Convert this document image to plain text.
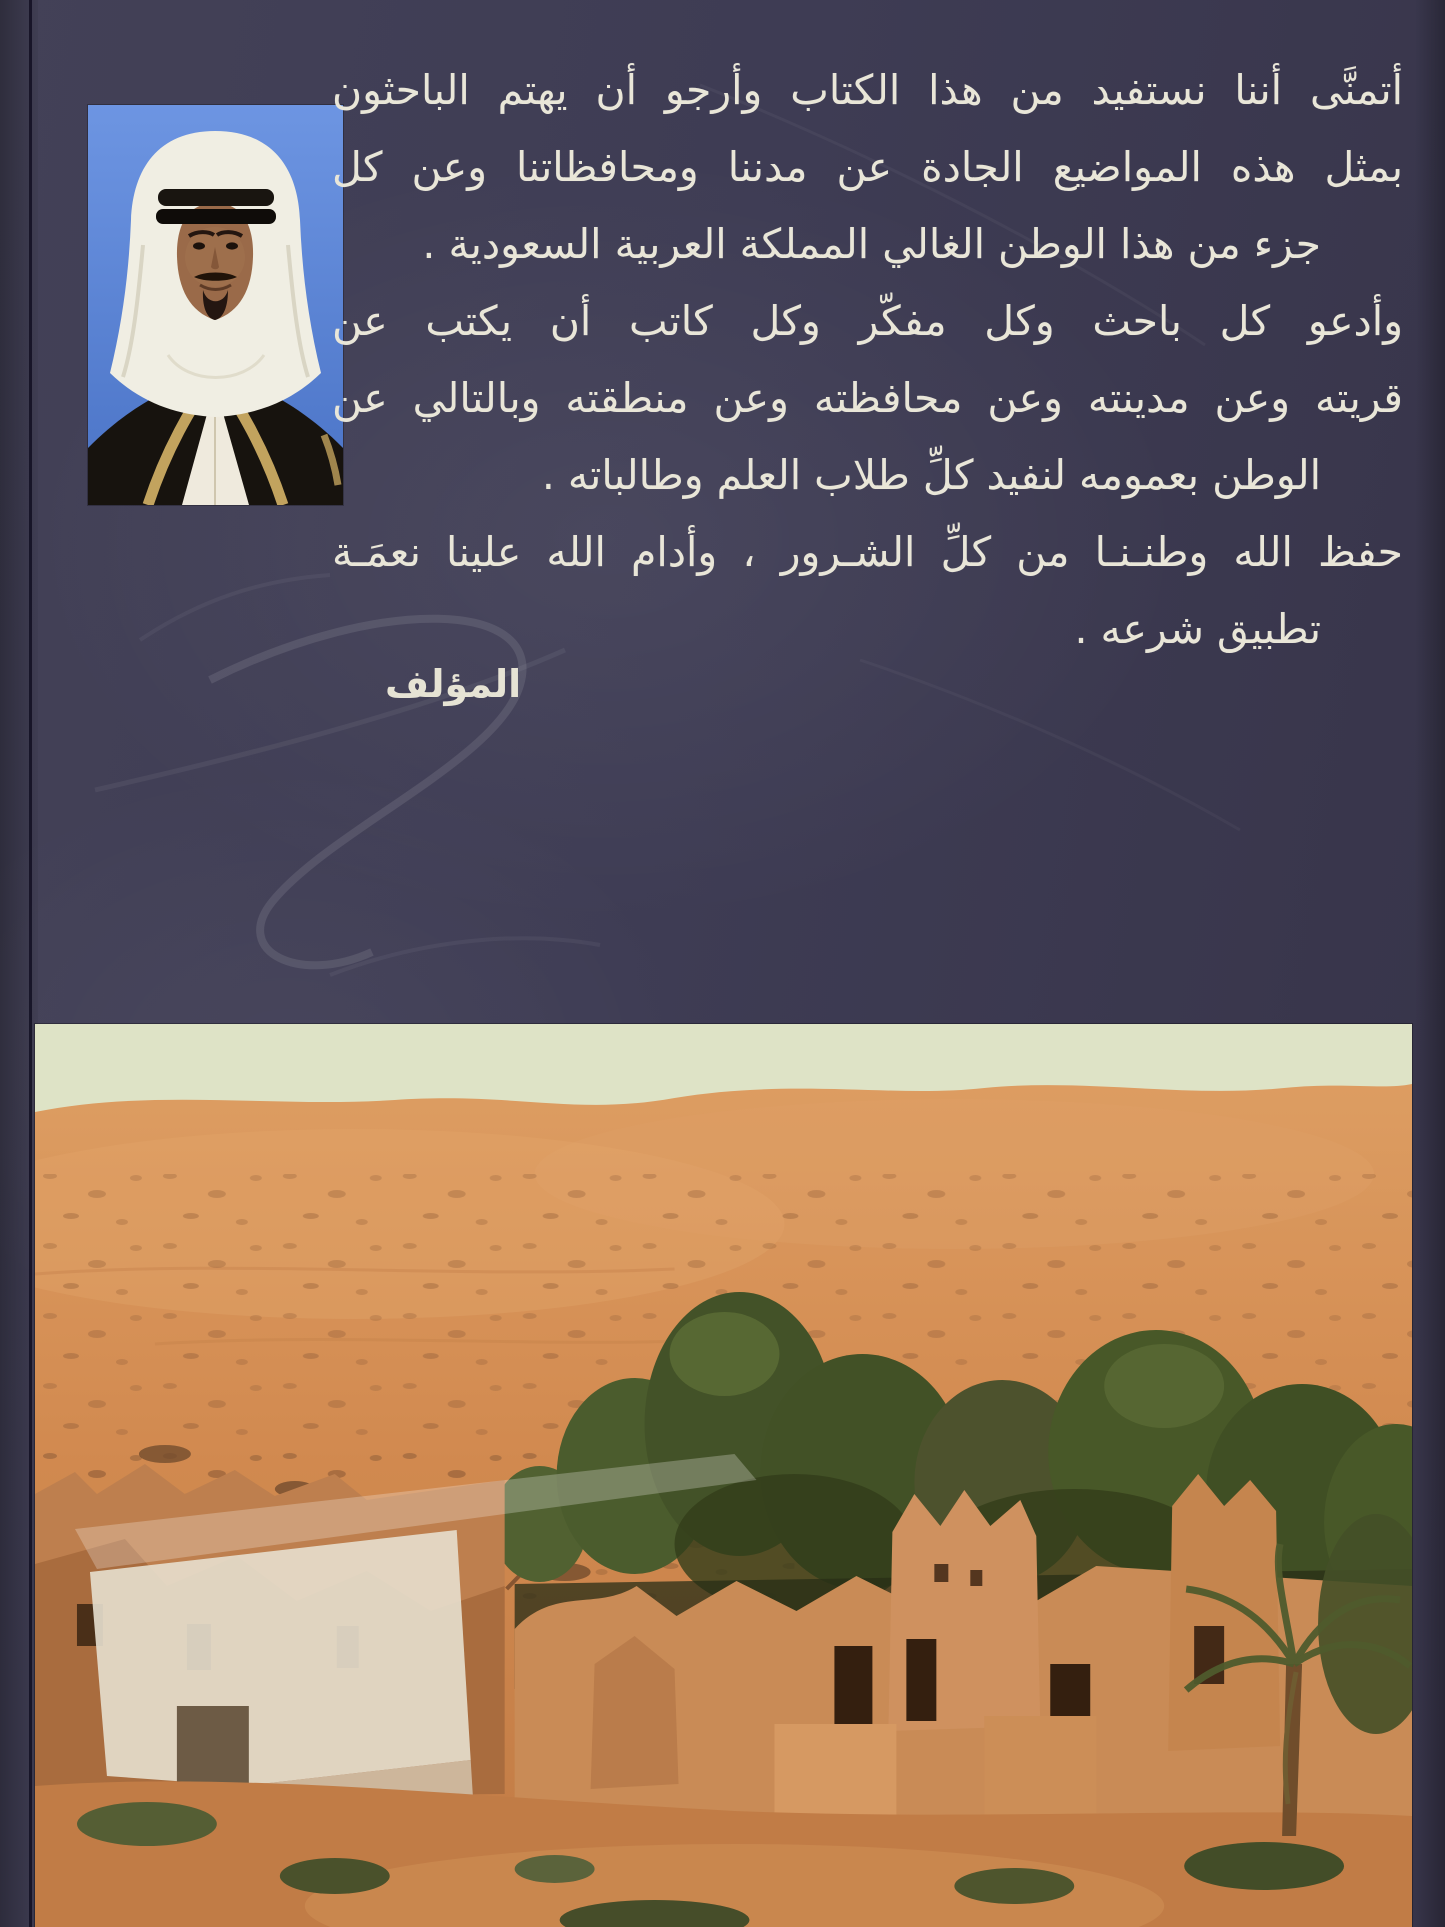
أتمنَّى أننا نستفيد من هذا الكتاب وأرجو أن يهتم الباحثون
بمثل هذه المواضيع الجادة عن مدننا ومحافظاتنا وعن كل
جزء من هذا الوطن الغالي المملكة العربية السعودية .
وأدعو كل باحث وكل مفكّر وكل كاتب أن يكتب عن
قريته وعن مدينته وعن محافظته وعن منطقته وبالتالي عن
الوطن بعمومه لنفيد كلِّ طلاب العلم وطالباته .
حفظ الله وطنـنـا من كلِّ الشـرور ، وأدام الله علينا نعمَـة
تطبيق شرعه .
المؤلف
